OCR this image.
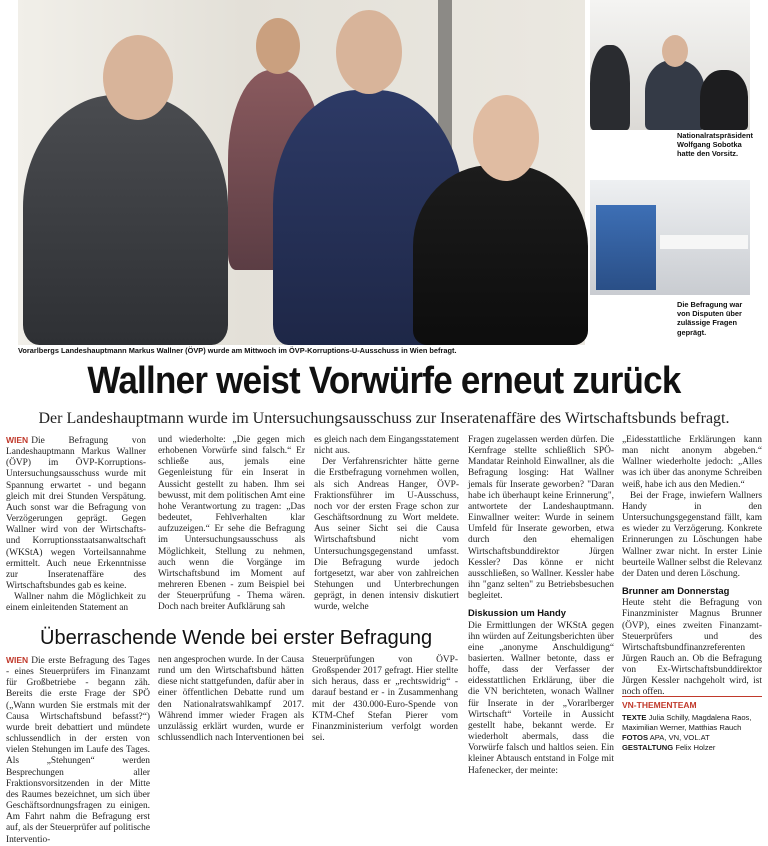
Vorarlbergs Landeshauptmann Markus Wallner (ÖVP) wurde am Mittwoch im ÖVP-Korruptions-U-Ausschuss in Wien befragt.
Nationalratspräsident Wolfgang Sobotka hatte den Vorsitz.
Die Befragung war von Disputen über zulässige Fragen geprägt.
Wallner weist Vorwürfe erneut zurück
Der Landeshauptmann wurde im Untersuchungsausschuss zur Inseratenaffäre des Wirtschaftsbunds befragt.
WIEN Die Befragung von Landeshauptmann Markus Wallner (ÖVP) im ÖVP-Korruptions-Untersuchungsausschuss wurde mit Spannung erwartet - und begann gleich mit drei Stunden Verspätung. Auch sonst war die Befragung von Verzögerungen geprägt. Gegen Wallner wird von der Wirtschafts- und Korruptionsstaatsanwaltschaft (WKStA) wegen Vorteilsannahme ermittelt. Auch neue Erkenntnisse zur Inseratenaffäre des Wirtschaftsbundes gab es keine.
Wallner nahm die Möglichkeit zu einem einleitenden Statement an
und wiederholte: „Die gegen mich erhobenen Vorwürfe sind falsch.“ Er schließe aus, jemals eine Gegenleistung für ein Inserat in Aussicht gestellt zu haben. Ihm sei bewusst, mit dem politischen Amt eine hohe Verantwortung zu tragen: „Das bedeutet, Fehlverhalten klar aufzuzeigen.“ Er sehe die Befragung im Untersuchungsausschuss als Möglichkeit, Stellung zu nehmen, auch wenn die Vorgänge im Wirtschaftsbund im Moment auf mehreren Ebenen - zum Beispiel bei der Steuerprüfung - Thema wären. Doch nach breiter Aufklärung sah
es gleich nach dem Eingangsstatement nicht aus.
Der Verfahrensrichter hätte gerne die Erstbefragung vornehmen wollen, als sich Andreas Hanger, ÖVP-Fraktionsführer im U-Ausschuss, noch vor der ersten Frage schon zur Geschäftsordnung zu Wort meldete. Aus seiner Sicht sei die Causa Wirtschaftsbund nicht vom Untersuchungsgegenstand umfasst. Die Befragung wurde jedoch fortgesetzt, war aber von zahlreichen Stehungen und Unterbrechungen geprägt, in denen intensiv diskutiert wurde, welche
Fragen zugelassen werden dürfen. Die Kernfrage stellte schließlich SPÖ-Mandatar Reinhold Einwallner, als die Befragung losging: Hat Wallner jemals für Inserate geworben? "Daran habe ich überhaupt keine Erinnerung", antwortete der Landeshauptmann. Einwallner weiter: Wurde in seinem Umfeld für Inserate geworben, etwa durch den ehemaligen Wirtschaftsbunddirektor Jürgen Kessler? Das könne er nicht ausschließen, so Wallner. Kessler habe ihn "ganz selten" zu Betriebsbesuchen begleitet.
Diskussion um Handy
Die Ermittlungen der WKStA gegen ihn würden auf Zeitungsberichten über eine „anonyme Anschuldigung“ basierten. Wallner betonte, dass er hoffe, dass der Verfasser der eidesstattlichen Erklärung, über die die VN berichteten, wonach Wallner für Inserate in der „Vorarlberger Wirtschaft“ Vorteile in Aussicht gestellt habe, bekannt werde. Er wiederholt abermals, dass die Vorwürfe falsch und haltlos seien. Ein kleiner Abtausch entstand in Folge mit Hafenecker, der meinte:
„Eidesstattliche Erklärungen kann man nicht anonym abgeben.“ Wallner wiederholte jedoch: „Alles was ich über das anonyme Schreiben weiß, habe ich aus den Medien.“
Bei der Frage, inwiefern Wallners Handy in den Untersuchungsgegenstand fällt, kam es wieder zu Verzögerung. Konkrete Erinnerungen zu Löschungen habe Wallner zwar nicht. In erster Linie beurteile Wallner selbst die Relevanz der Daten und deren Löschung.
Brunner am Donnerstag
Heute steht die Befragung von Finanzminister Magnus Brunner (ÖVP), eines zweiten Finanzamt-Steuerprüfers und des Wirtschaftsbundfinanzreferenten Jürgen Rauch an. Ob die Befragung von Ex-Wirtschaftsbunddirektor Jürgen Kessler nachgeholt wird, ist noch offen.
Überraschende Wende bei erster Befragung
WIEN Die erste Befragung des Tages - eines Steuerprüfers im Finanzamt für Großbetriebe - begann zäh. Bereits die erste Frage der SPÖ („Wann wurden Sie erstmals mit der Causa Wirtschaftsbund befasst?“) wurde breit debattiert und mündete schlussendlich in der ersten von vielen Stehungen im Laufe des Tages. Als „Stehungen“ werden Besprechungen aller Fraktionsvorsitzenden in der Mitte des Raumes bezeichnet, um sich über Geschäftsordnungsfragen zu einigen. Am Fahrt nahm die Befragung erst auf, als der Steuerprüfer auf politische Interventio-
nen angesprochen wurde. In der Causa rund um den Wirtschaftsbund hätten diese nicht stattgefunden, dafür aber in einer öffentlichen Debatte rund um den Nationalratswahlkampf 2017. Während immer wieder Fragen als unzulässig erklärt wurden, wurde er schlussendlich nach Interventionen bei Steuerprüfungen von ÖVP-Großspender 2017 gefragt. Hier stellte sich heraus, dass er „rechtswidrig“ - darauf bestand er - in Zusammenhang mit der 430.000-Euro-Spende von KTM-Chef Stefan Pierer vom Finanzministerium verfolgt worden sei.
VN-THEMENTEAM
TEXTE Julia Schilly, Magdalena Raos, Maximilian Werner, Matthias Rauch
FOTOS APA, VN, VOL.AT
GESTALTUNG Felix Holzer
